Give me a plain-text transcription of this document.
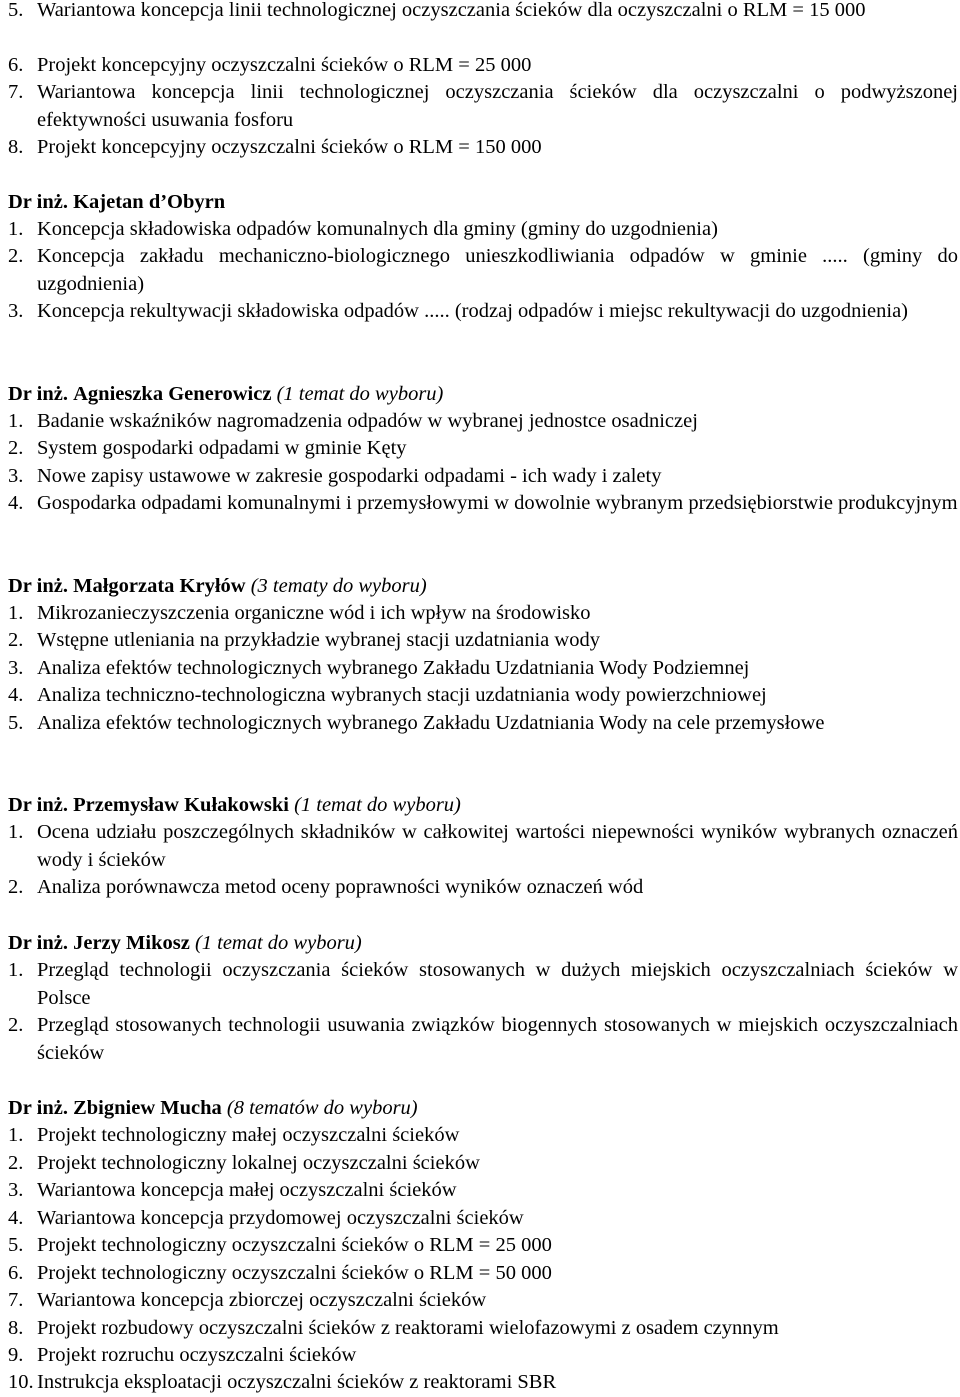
5. Wariantowa koncepcja linii technologicznej oczyszczania ścieków dla oczyszczalni o RLM = 15 000
6. Projekt koncepcyjny oczyszczalni ścieków o RLM = 25 000
7. Wariantowa koncepcja linii technologicznej oczyszczania ścieków dla oczyszczalni o podwyższonej efektywności usuwania fosforu
8. Projekt koncepcyjny oczyszczalni ścieków o RLM = 150 000
Dr inż. Kajetan d’Obyrn
1. Koncepcja składowiska odpadów komunalnych dla gminy (gminy do uzgodnienia)
2. Koncepcja zakładu mechaniczno-biologicznego unieszkodliwiania odpadów w gminie ..... (gminy do uzgodnienia)
3. Koncepcja rekultywacji składowiska odpadów ..... (rodzaj odpadów i miejsc rekultywacji do uzgodnienia)
Dr inż. Agnieszka Generowicz (1 temat do wyboru)
1. Badanie wskaźników nagromadzenia odpadów w wybranej jednostce osadniczej
2. System gospodarki odpadami w gminie Kęty
3. Nowe zapisy ustawowe w zakresie gospodarki odpadami - ich wady i zalety
4. Gospodarka odpadami komunalnymi i przemysłowymi w dowolnie wybranym przedsiębiorstwie produkcyjnym
Dr inż. Małgorzata Kryłów (3 tematy do wyboru)
1. Mikrozanieczyszczenia organiczne wód i ich wpływ na środowisko
2. Wstępne utleniania na przykładzie wybranej stacji uzdatniania wody
3. Analiza efektów technologicznych wybranego Zakładu Uzdatniania Wody Podziemnej
4. Analiza techniczno-technologiczna wybranych stacji uzdatniania wody powierzchniowej
5. Analiza efektów technologicznych wybranego Zakładu Uzdatniania Wody na cele przemysłowe
Dr inż. Przemysław Kułakowski (1 temat do wyboru)
1. Ocena udziału poszczególnych składników w całkowitej wartości niepewności wyników wybranych oznaczeń wody i ścieków
2. Analiza porównawcza metod oceny poprawności wyników oznaczeń wód
Dr inż. Jerzy Mikosz (1 temat do wyboru)
1. Przegląd technologii oczyszczania ścieków stosowanych w dużych miejskich oczyszczalniach ścieków w Polsce
2. Przegląd stosowanych technologii usuwania związków biogennych stosowanych w miejskich oczyszczalniach ścieków
Dr inż. Zbigniew Mucha (8 tematów do wyboru)
1. Projekt technologiczny małej oczyszczalni ścieków
2. Projekt technologiczny lokalnej oczyszczalni ścieków
3. Wariantowa koncepcja małej oczyszczalni ścieków
4. Wariantowa koncepcja przydomowej oczyszczalni ścieków
5. Projekt technologiczny oczyszczalni ścieków o RLM = 25 000
6. Projekt technologiczny oczyszczalni ścieków o RLM = 50 000
7. Wariantowa koncepcja zbiorczej oczyszczalni ścieków
8. Projekt rozbudowy oczyszczalni ścieków z reaktorami wielofazowymi z osadem czynnym
9. Projekt rozruchu oczyszczalni ścieków
10. Instrukcja eksploatacji oczyszczalni ścieków z reaktorami SBR
